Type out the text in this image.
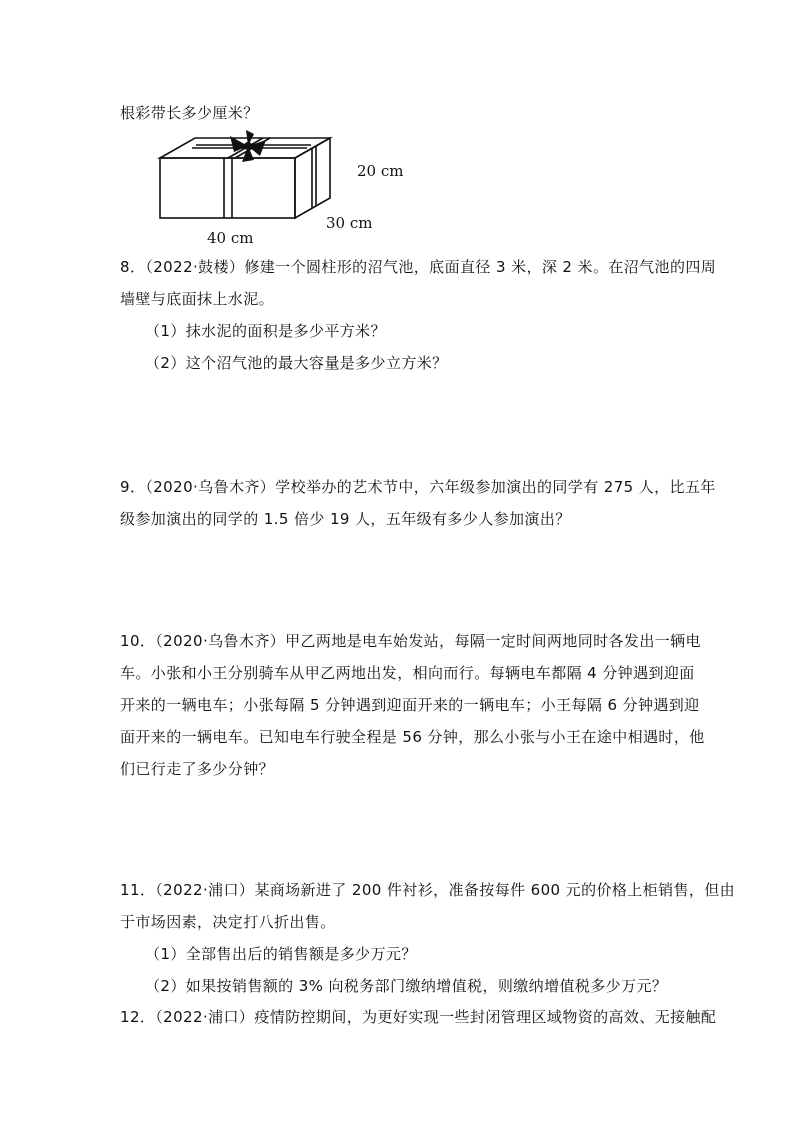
根彩带长多少厘米？
20 cm
30 cm
40 cm
8．（2022·鼓楼）修建一个圆柱形的沼气池，底面直径 3 米，深 2 米。在沼气池的四周
墙壁与底面抹上水泥。
（1）抹水泥的面积是多少平方米？
（2）这个沼气池的最大容量是多少立方米？
9．（2020·乌鲁木齐）学校举办的艺术节中，六年级参加演出的同学有 275 人，比五年
级参加演出的同学的 1.5 倍少 19 人，五年级有多少人参加演出？
10．（2020·乌鲁木齐）甲乙两地是电车始发站，每隔一定时间两地同时各发出一辆电
车。小张和小王分别骑车从甲乙两地出发，相向而行。每辆电车都隔 4 分钟遇到迎面
开来的一辆电车；小张每隔 5 分钟遇到迎面开来的一辆电车；小王每隔 6 分钟遇到迎
面开来的一辆电车。已知电车行驶全程是 56 分钟，那么小张与小王在途中相遇时，他
们已行走了多少分钟？
11．（2022·浦口）某商场新进了 200 件衬衫，准备按每件 600 元的价格上柜销售，但由
于市场因素，决定打八折出售。
（1）全部售出后的销售额是多少万元？
（2）如果按销售额的 3% 向税务部门缴纳增值税，则缴纳增值税多少万元？
12．（2022·浦口）疫情防控期间，为更好实现一些封闭管理区域物资的高效、无接触配
